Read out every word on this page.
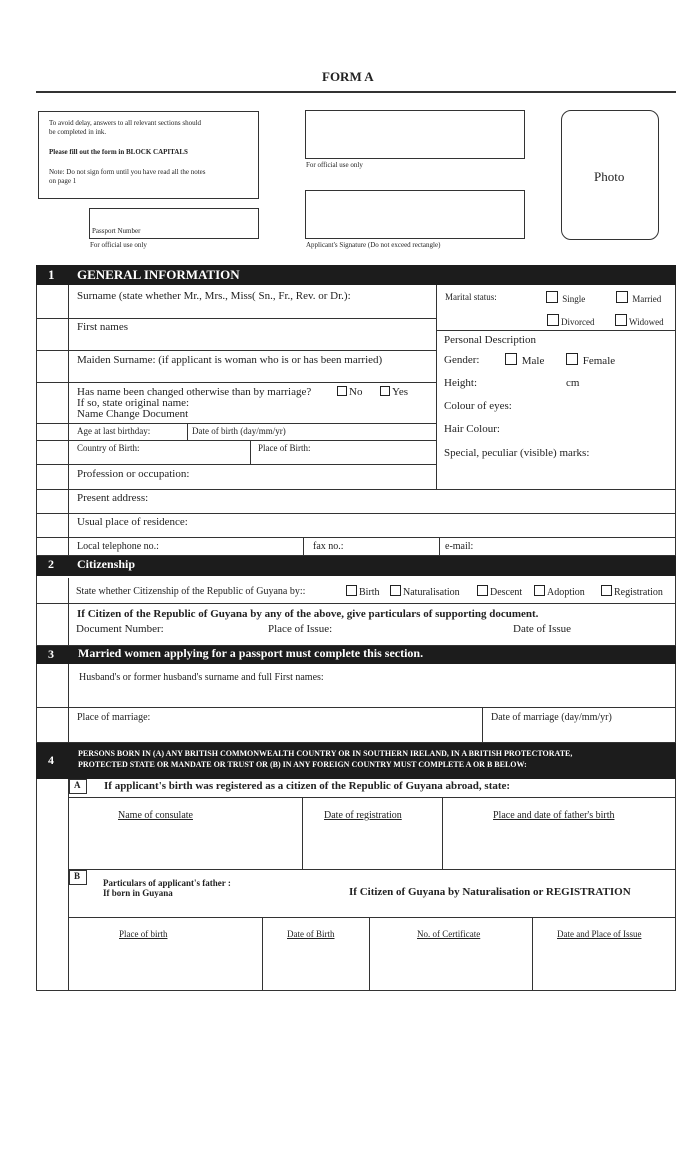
FORM A
To avoid delay, answers to all relevant sections should
be completed in ink.
Please fill out the form in BLOCK CAPITALS
Note: Do not sign form until you have read all the notes
on page 1
For official use only
Photo
Passport Number
For official use only	Applicant's Signature (Do not exceed rectangle)
1 GENERAL INFORMATION
Surname (state whether Mr., Mrs., Miss( Sn., Fr., Rev. or Dr.):
First names
Maiden Surname: (if applicant is woman who is or has been married)
Has name been changed otherwise than by marriage?	No	Yes
If so, state original name:
Name Change Document
Age at last birthday:	Date of birth (day/mm/yr)
Country of Birth:	Place of Birth:
Profession or occupation:
Present address:
Usual place of residence:
Local telephone no.:	fax no.:	e-mail:
Marital status:	Single	Married
Divorced	Widowed
Personal Description
Gender:	Male	Female
Height:	cm
Colour of eyes:
Hair Colour:
Special, peculiar (visible) marks:
2 Citizenship
State whether Citizenship of the Republic of Guyana by::	Birth	Naturalisation	Descent	Adoption	Registration
If Citizen of the Republic of Guyana by any of the above, give particulars of supporting document.
Document Number:	Place of Issue:	Date of Issue
3 Married women applying for a passport must complete this section.
Husband's or former husband's surname and full First names:
Place of marriage:	Date of marriage (day/mm/yr)
4	PERSONS BORN IN (A) ANY BRITISH COMMONWEALTH COUNTRY OR IN SOUTHERN IRELAND, IN A BRITISH PROTECTORATE,
PROTECTED STATE OR MANDATE OR TRUST OR (B) IN ANY FOREIGN COUNTRY MUST COMPLETE A OR B BELOW:
A If applicant's birth was registered as a citizen of the Republic of Guyana abroad, state:
Name of consulate	Date of registration	Place and date of father's birth
B
Particulars of applicant's father :
If born in Guyana	If Citizen of Guyana by Naturalisation or REGISTRATION
Place of birth	Date of Birth	No. of Certificate	Date and Place of Issue
